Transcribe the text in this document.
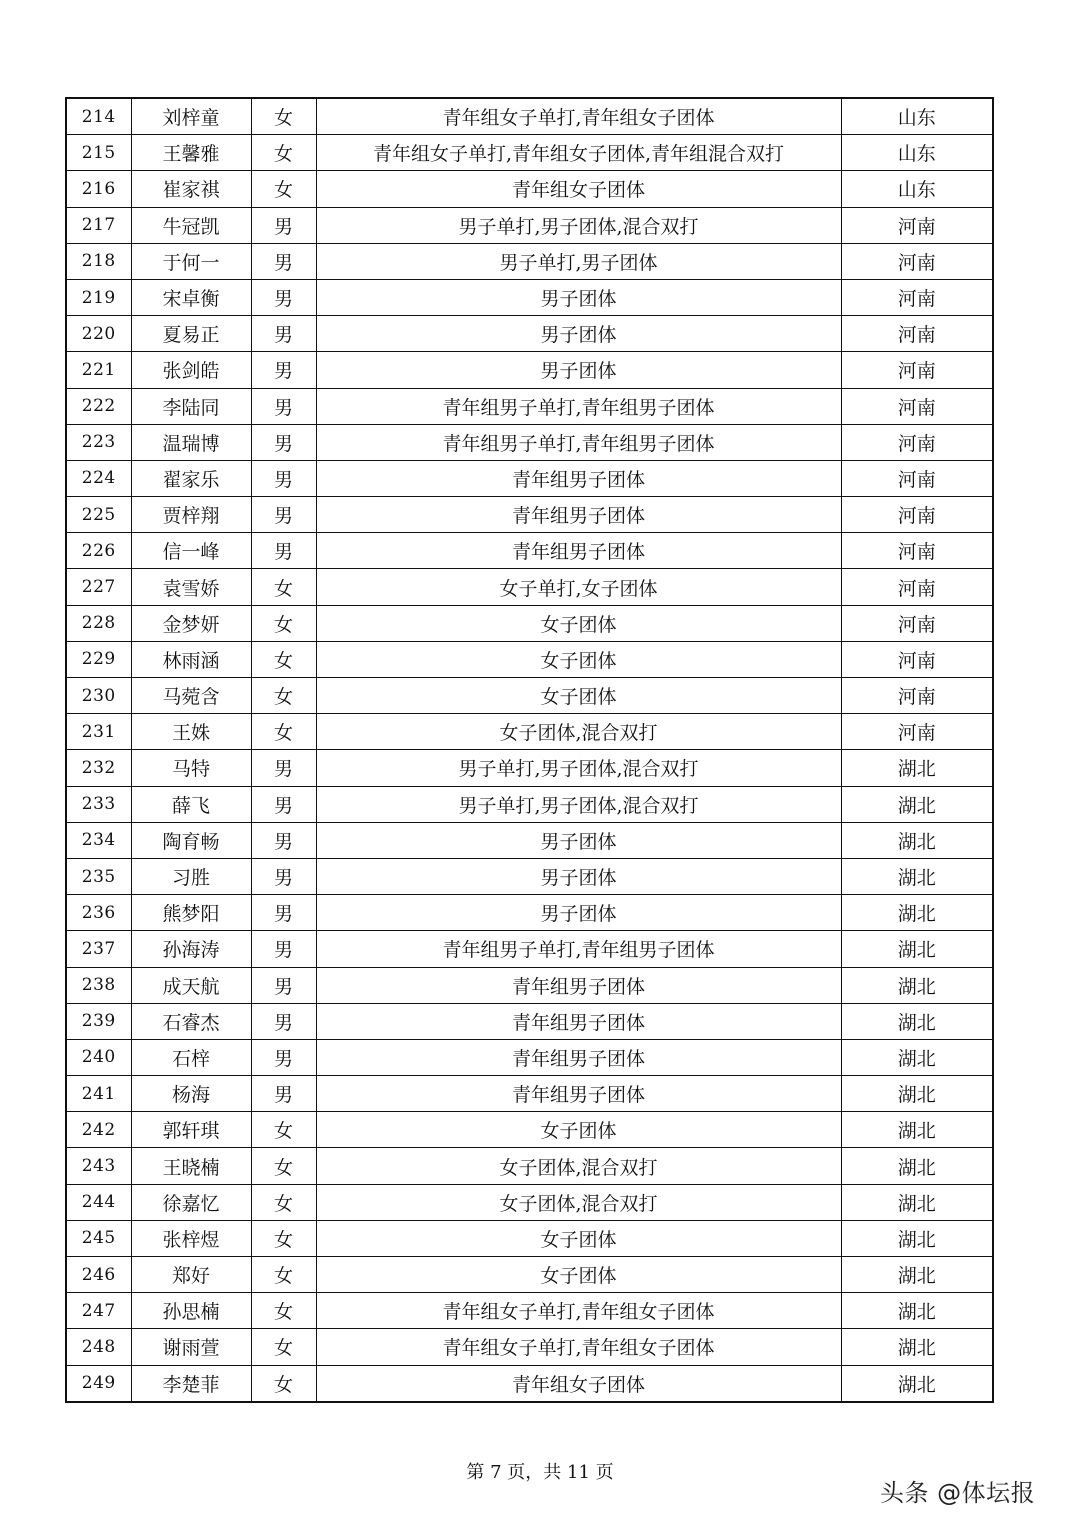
214	刘梓童	女	青年组女子单打,青年组女子团体	山东
215	王馨雅	女	青年组女子单打,青年组女子团体,青年组混合双打	山东
216	崔家祺	女	青年组女子团体	山东
217	牛冠凯	男	男子单打,男子团体,混合双打	河南
218	于何一	男	男子单打,男子团体	河南
219	宋卓衡	男	男子团体	河南
220	夏易正	男	男子团体	河南
221	张剑皓	男	男子团体	河南
222	李陆同	男	青年组男子单打,青年组男子团体	河南
223	温瑞博	男	青年组男子单打,青年组男子团体	河南
224	翟家乐	男	青年组男子团体	河南
225	贾梓翔	男	青年组男子团体	河南
226	信一峰	男	青年组男子团体	河南
227	袁雪娇	女	女子单打,女子团体	河南
228	金梦妍	女	女子团体	河南
229	林雨涵	女	女子团体	河南
230	马菀含	女	女子团体	河南
231	王姝	女	女子团体,混合双打	河南
232	马特	男	男子单打,男子团体,混合双打	湖北
233	薛飞	男	男子单打,男子团体,混合双打	湖北
234	陶育畅	男	男子团体	湖北
235	习胜	男	男子团体	湖北
236	熊梦阳	男	男子团体	湖北
237	孙海涛	男	青年组男子单打,青年组男子团体	湖北
238	成天航	男	青年组男子团体	湖北
239	石睿杰	男	青年组男子团体	湖北
240	石梓	男	青年组男子团体	湖北
241	杨海	男	青年组男子团体	湖北
242	郭轩琪	女	女子团体	湖北
243	王晓楠	女	女子团体,混合双打	湖北
244	徐嘉忆	女	女子团体,混合双打	湖北
245	张梓煜	女	女子团体	湖北
246	郑好	女	女子团体	湖北
247	孙思楠	女	青年组女子单打,青年组女子团体	湖北
248	谢雨萱	女	青年组女子单打,青年组女子团体	湖北
249	李楚菲	女	青年组女子团体	湖北
第 7 页，共 11 页
头条 @体坛报
